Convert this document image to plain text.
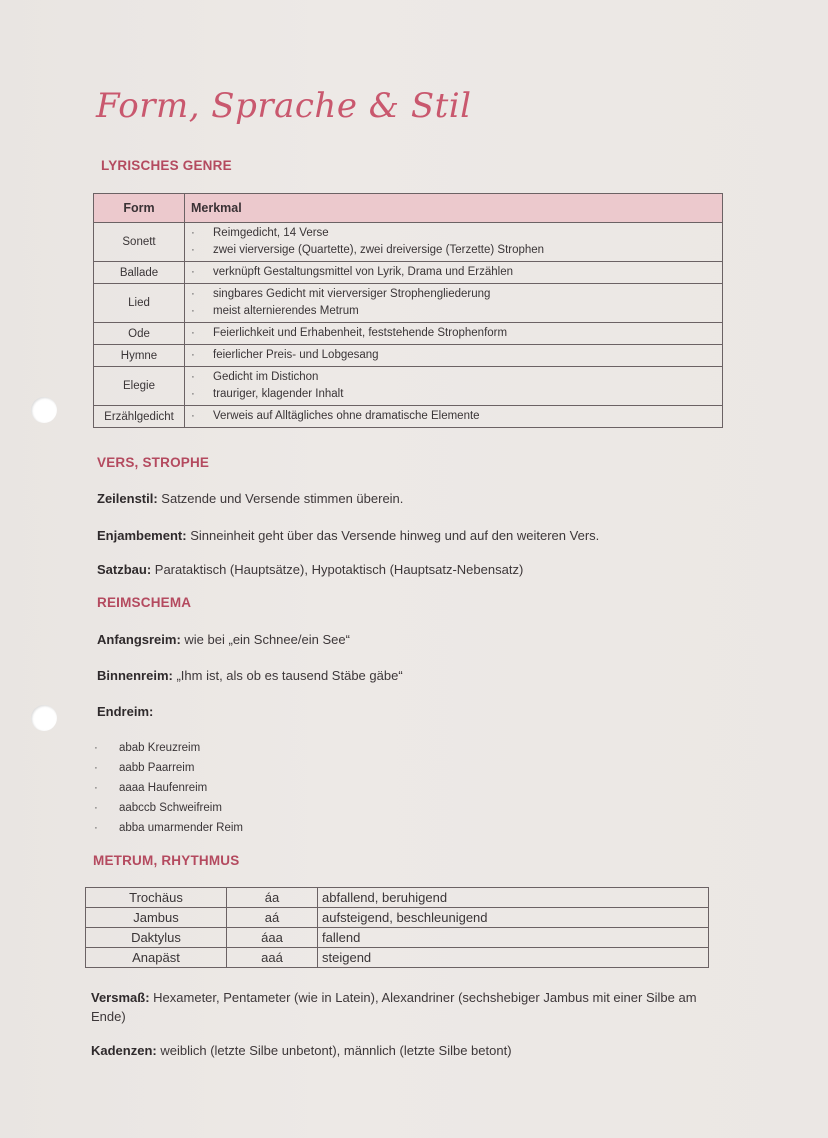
Form, Sprache & Stil
LYRISCHES GENRE
Form	Merkmal
Sonett	· Reimgedicht, 14 Verse
· zwei vierversige (Quartette), zwei dreiversige (Terzette) Strophen

Ballade	· verknüpft Gestaltungsmittel von Lyrik, Drama und Erzählen

Lied	· singbares Gedicht mit vierversiger Strophengliederung
· meist alternierendes Metrum

Ode	· Feierlichkeit und Erhabenheit, feststehende Strophenform

Hymne	· feierlicher Preis- und Lobgesang

Elegie	· Gedicht im Distichon
· trauriger, klagender Inhalt

Erzählgedicht	· Verweis auf Alltägliches ohne dramatische Elemente
VERS, STROPHE
Zeilenstil: Satzende und Versende stimmen überein.
Enjambement: Sinneinheit geht über das Versende hinweg und auf den weiteren Vers.
Satzbau: Parataktisch (Hauptsätze), Hypotaktisch (Hauptsatz-Nebensatz)
REIMSCHEMA
Anfangsreim: wie bei „ein Schnee/ein See“
Binnenreim: „Ihm ist, als ob es tausend Stäbe gäbe“
Endreim:
· abab Kreuzreim
· aabb Paarreim
· aaaa Haufenreim
· aabccb Schweifreim
· abba umarmender Reim
METRUM, RHYTHMUS
Trochäus	áa	abfallend, beruhigend
Jambus	aá	aufsteigend, beschleunigend
Daktylus	áaa	fallend
Anapäst	aaá	steigend
Versmaß: Hexameter, Pentameter (wie in Latein), Alexandriner (sechshebiger Jambus mit einer Silbe am Ende)
Kadenzen: weiblich (letzte Silbe unbetont), männlich (letzte Silbe betont)
